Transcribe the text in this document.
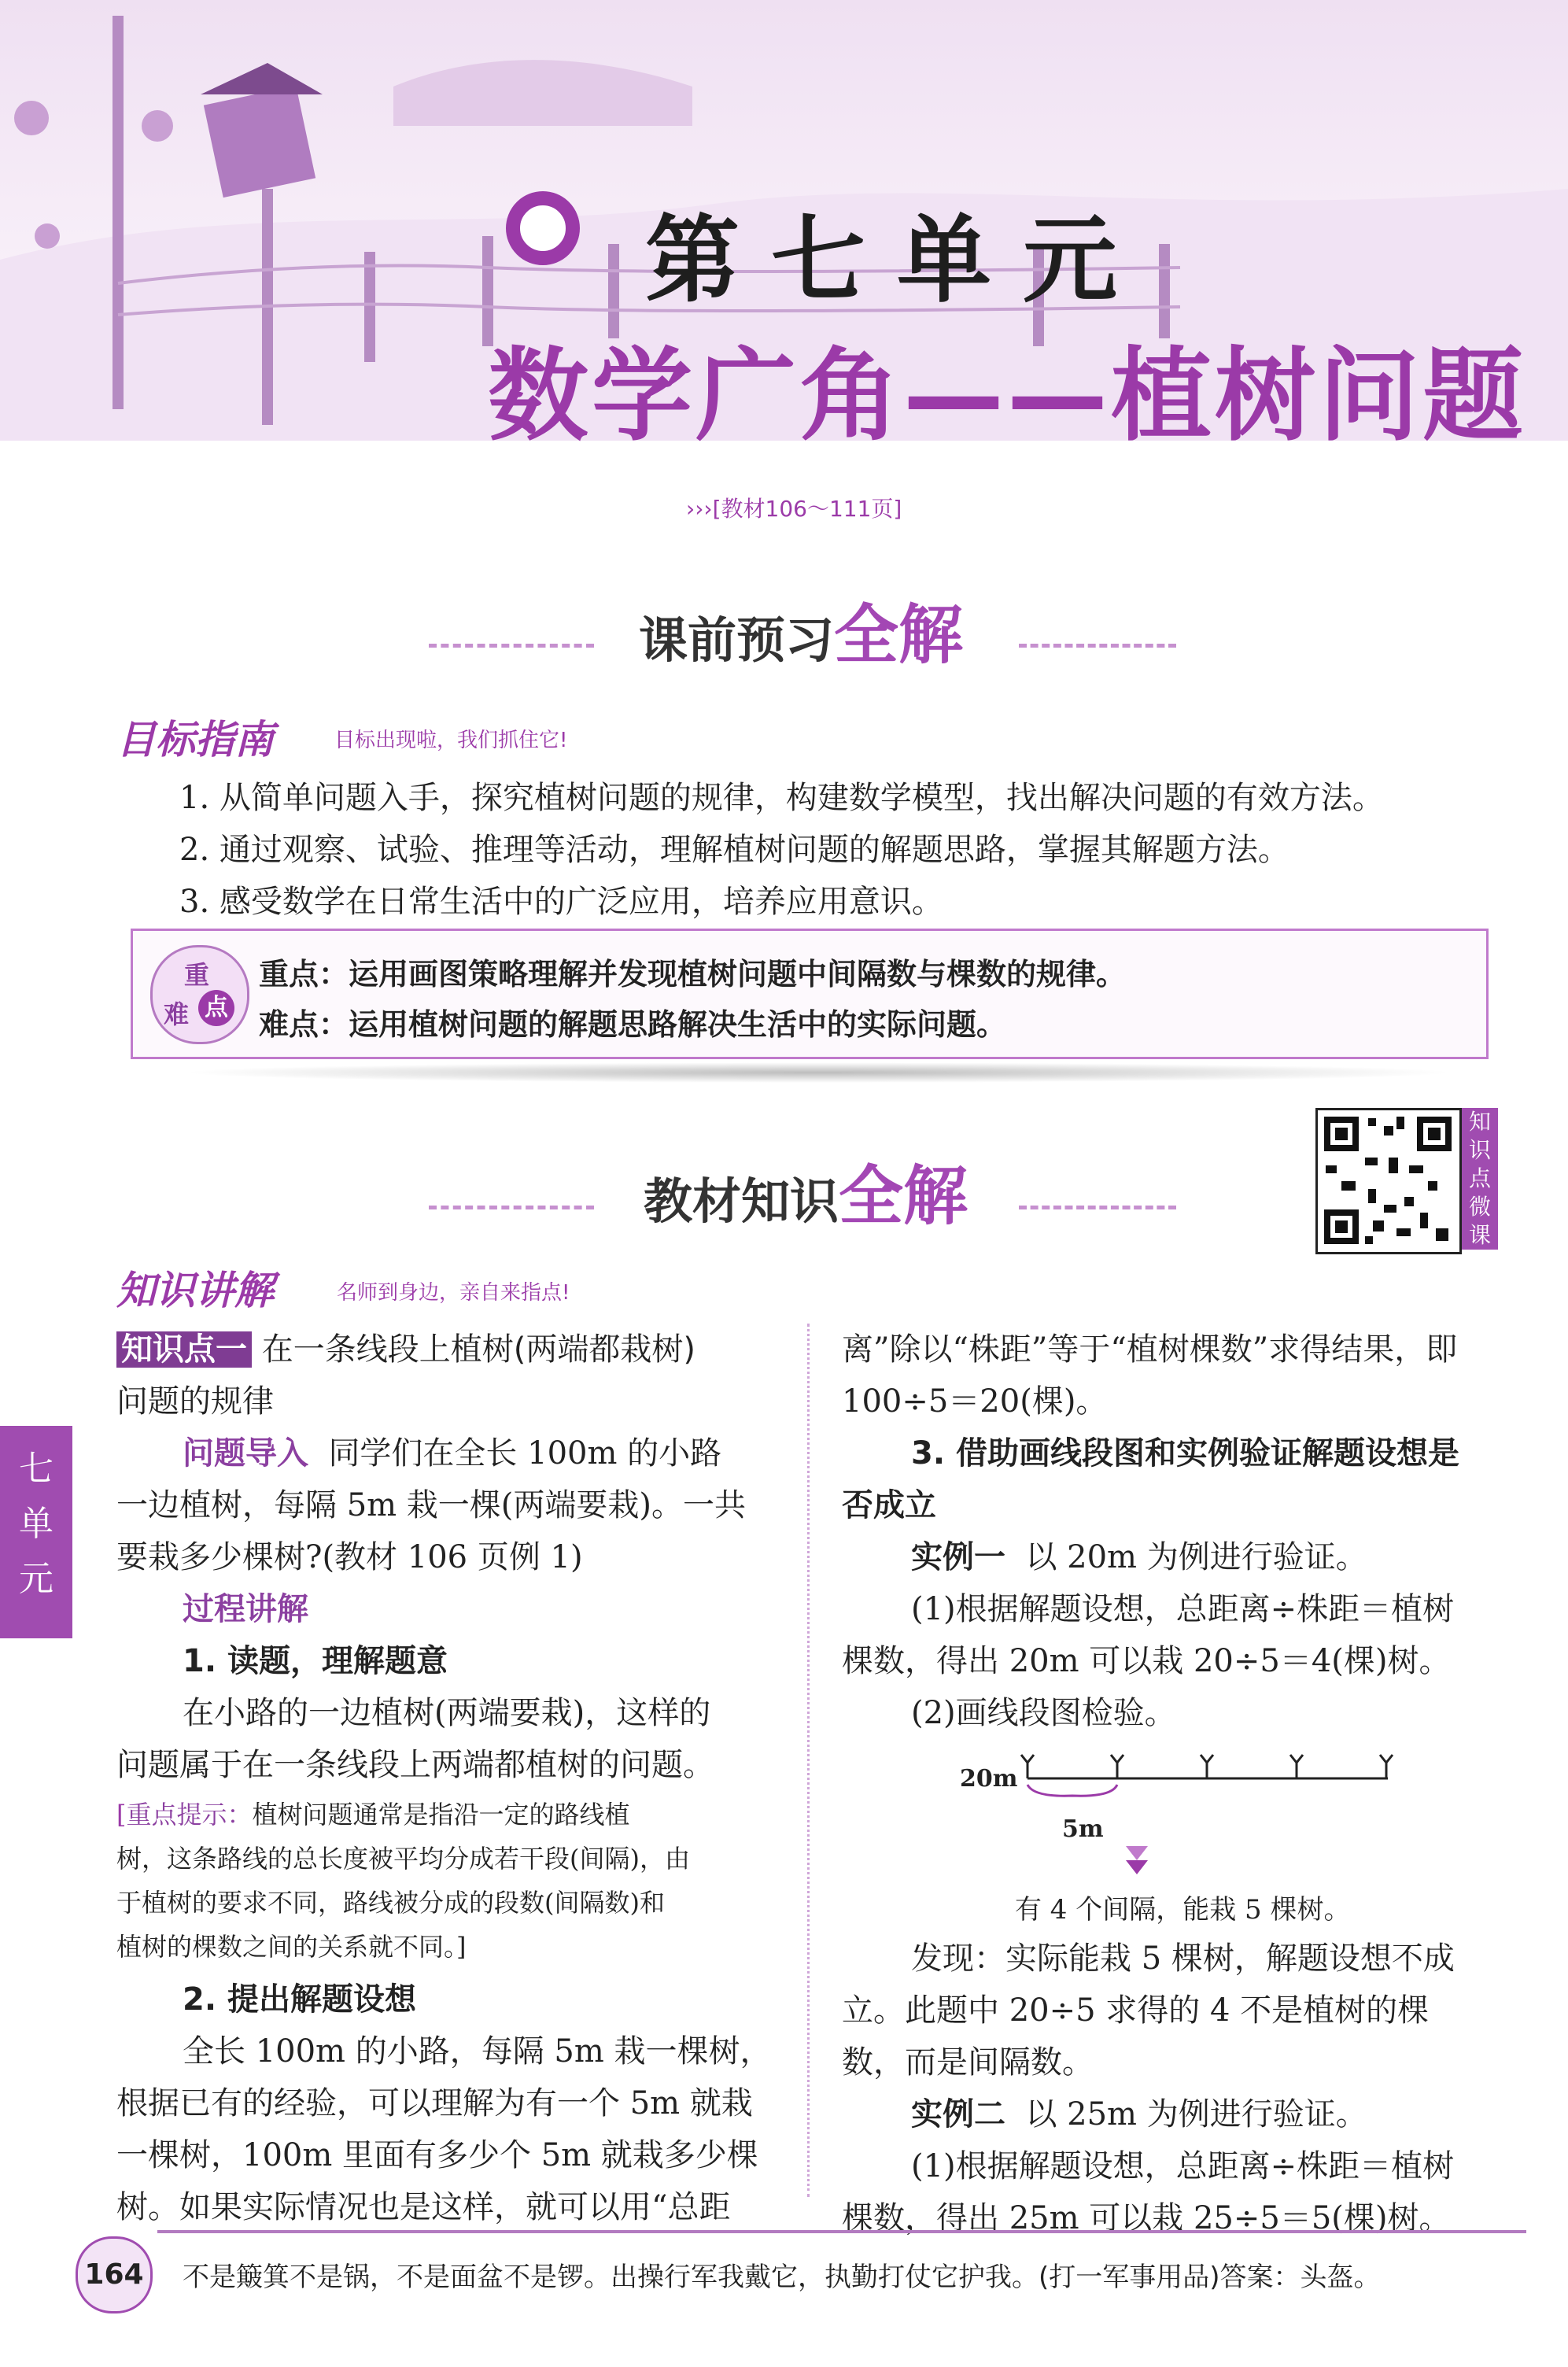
第七单元
数学广角——植树问题
›››[教材106～111页]
课前预习全解
目标指南	目标出现啦，我们抓住它!
1. 从简单问题入手，探究植树问题的规律，构建数学模型，找出解决问题的有效方法。
2. 通过观察、试验、推理等活动，理解植树问题的解题思路，掌握其解题方法。
3. 感受数学在日常生活中的广泛应用，培养应用意识。
重
难 点
重点：运用画图策略理解并发现植树问题中间隔数与棵数的规律。
难点：运用植树问题的解题思路解决生活中的实际问题。
教材知识全解
知
识
点
微
课
知识讲解	名师到身边，亲自来指点!
七
单
元
知识点一 在一条线段上植树(两端都栽树)
问题的规律
问题导入 同学们在全长 100m 的小路
一边植树，每隔 5m 栽一棵(两端要栽)。一共
要栽多少棵树?(教材 106 页例 1)
过程讲解
1. 读题，理解题意
在小路的一边植树(两端要栽)，这样的
问题属于在一条线段上两端都植树的问题。
[重点提示：植树问题通常是指沿一定的路线植
树，这条路线的总长度被平均分成若干段(间隔)，由
于植树的要求不同，路线被分成的段数(间隔数)和
植树的棵数之间的关系就不同。]
2. 提出解题设想
全长 100m 的小路，每隔 5m 栽一棵树，
根据已有的经验，可以理解为有一个 5m 就栽
一棵树，100m 里面有多少个 5m 就栽多少棵
树。如果实际情况也是这样，就可以用“总距
离”除以“株距”等于“植树棵数”求得结果，即
100÷5＝20(棵)。
3. 借助画线段图和实例验证解题设想是
否成立
实例一 以 20m 为例进行验证。
(1)根据解题设想，总距离÷株距＝植树
棵数，得出 20m 可以栽 20÷5＝4(棵)树。
(2)画线段图检验。
20m
5m
有 4 个间隔，能栽 5 棵树。
发现：实际能栽 5 棵树，解题设想不成
立。此题中 20÷5 求得的 4 不是植树的棵
数，而是间隔数。
实例二 以 25m 为例进行验证。
(1)根据解题设想，总距离÷株距＝植树
棵数，得出 25m 可以栽 25÷5＝5(棵)树。
164	不是簸箕不是锅，不是面盆不是锣。出操行军我戴它，执勤打仗它护我。(打一军事用品)答案：头盔。
